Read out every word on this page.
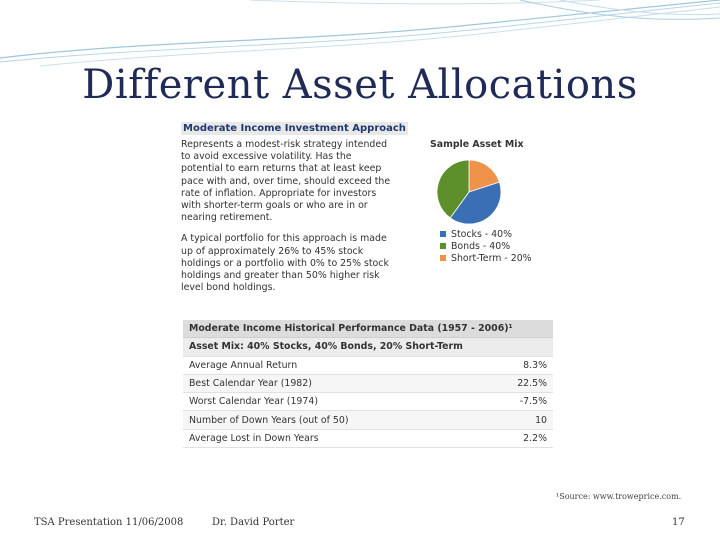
Different Asset Allocations
Moderate Income Investment Approach

Represents a modest-risk strategy intended to avoid excessive volatility. Has the potential to earn returns that at least keep pace with and, over time, should exceed the rate of inflation. Appropriate for investors with shorter-term goals or who are in or nearing retirement.

A typical portfolio for this approach is made up of approximately 26% to 45% stock holdings or a portfolio with 0% to 25% stock holdings and greater than 50% higher risk level bond holdings.

Sample Asset Mix
Stocks - 40%
Bonds - 40%
Short-Term - 20%
Moderate Income Historical Performance Data (1957 - 2006)¹	
Asset Mix: 40% Stocks, 40% Bonds, 20% Short-Term	
Average Annual Return	8.3%
Best Calendar Year (1982)	22.5%
Worst Calendar Year (1974)	-7.5%
Number of Down Years (out of 50)	10
Average Lost in Down Years	2.2%
¹Source: www.troweprice.com.
TSA Presentation 11/06/2008	Dr. David Porter	17
